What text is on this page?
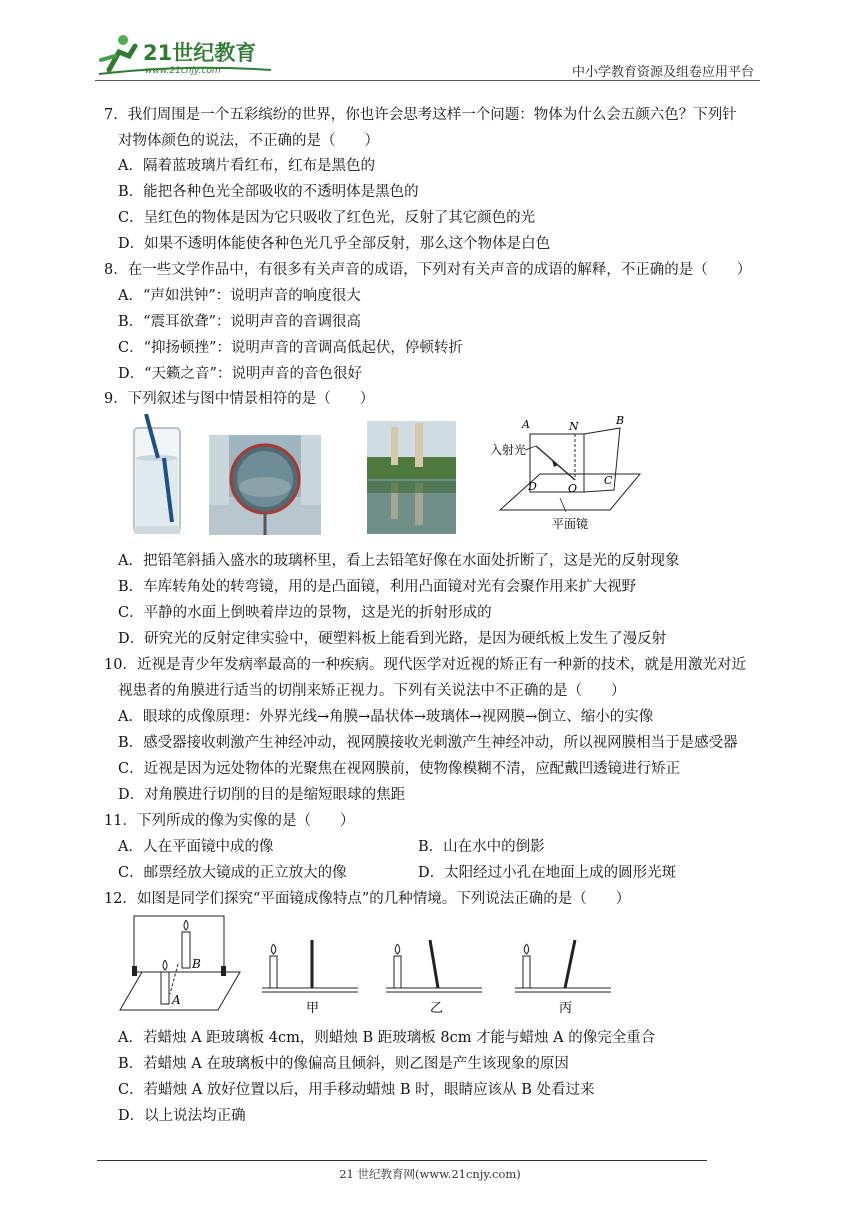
21世纪教育
www.21cnjy.com	中小学教育资源及组卷应用平台
7．我们周围是一个五彩缤纷的世界，你也许会思考这样一个问题：物体为什么会五颜六色？下列针
对物体颜色的说法，不正确的是（　　）
A．隔着蓝玻璃片看红布，红布是黑色的
B．能把各种色光全部吸收的不透明体是黑色的
C．呈红色的物体是因为它只吸收了红色光，反射了其它颜色的光
D．如果不透明体能使各种色光几乎全部反射，那么这个物体是白色
8．在一些文学作品中，有很多有关声音的成语，下列对有关声音的成语的解释，不正确的是（　　）
A．“声如洪钟”：说明声音的响度很大
B．“震耳欲聋”：说明声音的音调很高
C．“抑扬顿挫”：说明声音的音调高低起伏，停顿转折
D．“天籁之音”：说明声音的音色很好
9．下列叙述与图中情景相符的是（　　）
A	N	B
入射光
D	O
C
平面镜
A．把铅笔斜插入盛水的玻璃杯里，看上去铅笔好像在水面处折断了，这是光的反射现象
B．车库转角处的转弯镜，用的是凸面镜，利用凸面镜对光有会聚作用来扩大视野
C．平静的水面上倒映着岸边的景物，这是光的折射形成的
D．研究光的反射定律实验中，硬塑料板上能看到光路，是因为硬纸板上发生了漫反射
10．近视是青少年发病率最高的一种疾病。现代医学对近视的矫正有一种新的技术，就是用激光对近
视患者的角膜进行适当的切削来矫正视力。下列有关说法中不正确的是（　　）
A．眼球的成像原理：外界光线→角膜→晶状体→玻璃体→视网膜→倒立、缩小的实像
B．感受器接收刺激产生神经冲动，视网膜接收光刺激产生神经冲动，所以视网膜相当于是感受器
C．近视是因为远处物体的光聚焦在视网膜前，使物像模糊不清，应配戴凹透镜进行矫正
D．对角膜进行切削的目的是缩短眼球的焦距
11．下列所成的像为实像的是（　　）
A．人在平面镜中成的像	B．山在水中的倒影
C．邮票经放大镜成的正立放大的像	D．太阳经过小孔在地面上成的圆形光斑
12．如图是同学们探究“平面镜成像特点”的几种情境。下列说法正确的是（　　）
B
A
甲	乙	丙
A．若蜡烛 A 距玻璃板 4cm，则蜡烛 B 距玻璃板 8cm 才能与蜡烛 A 的像完全重合
B．若蜡烛 A 在玻璃板中的像偏高且倾斜，则乙图是产生该现象的原因
C．若蜡烛 A 放好位置以后，用手移动蜡烛 B 时，眼睛应该从 B 处看过来
D．以上说法均正确
21 世纪教育网(www.21cnjy.com)
